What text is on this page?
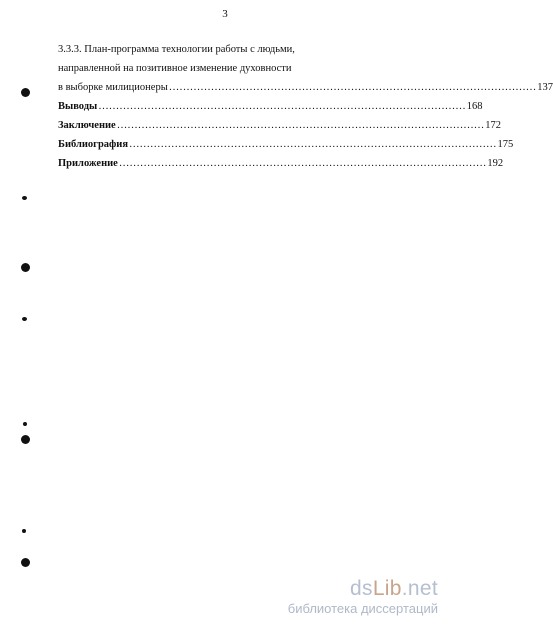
3
3.3.3. План-программа технологии работы с людьми,
направленной на позитивное изменение духовности
в выборке милиционеры …………………………………………………………………………………………… 137
Выводы …………………………………………………………………………………………… 168
Заключение …………………………………………………………………………………………… 172
Библиография …………………………………………………………………………………………… 175
Приложение …………………………………………………………………………………………… 192
dsLib.net
библиотека диссертаций
